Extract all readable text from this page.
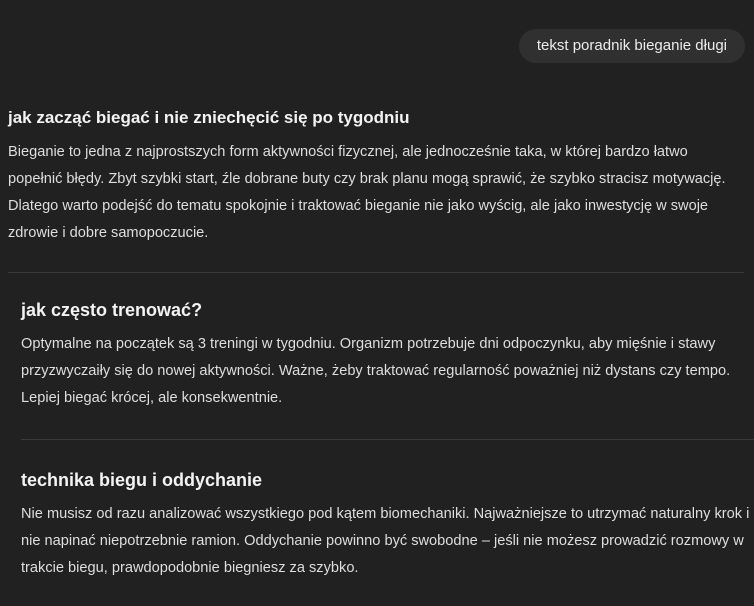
tekst poradnik bieganie długi
jak zacząć biegać i nie zniechęcić się po tygodniu

Bieganie to jedna z najprostszych form aktywności fizycznej, ale jednocześnie taka, w której bardzo łatwo popełnić błędy. Zbyt szybki start, źle dobrane buty czy brak planu mogą sprawić, że szybko stracisz motywację. Dlatego warto podejść do tematu spokojnie i traktować bieganie nie jako wyścig, ale jako inwestycję w swoje zdrowie i dobre samopoczucie.

jak często trenować?

Optymalne na początek są 3 treningi w tygodniu. Organizm potrzebuje dni odpoczynku, aby mięśnie i stawy przyzwyczaiły się do nowej aktywności. Ważne, żeby traktować regularność poważniej niż dystans czy tempo. Lepiej biegać krócej, ale konsekwentnie.

technika biegu i oddychanie

Nie musisz od razu analizować wszystkiego pod kątem biomechaniki. Najważniejsze to utrzymać naturalny krok i nie napinać niepotrzebnie ramion. Oddychanie powinno być swobodne – jeśli nie możesz prowadzić rozmowy w trakcie biegu, prawdopodobnie biegniesz za szybko.
